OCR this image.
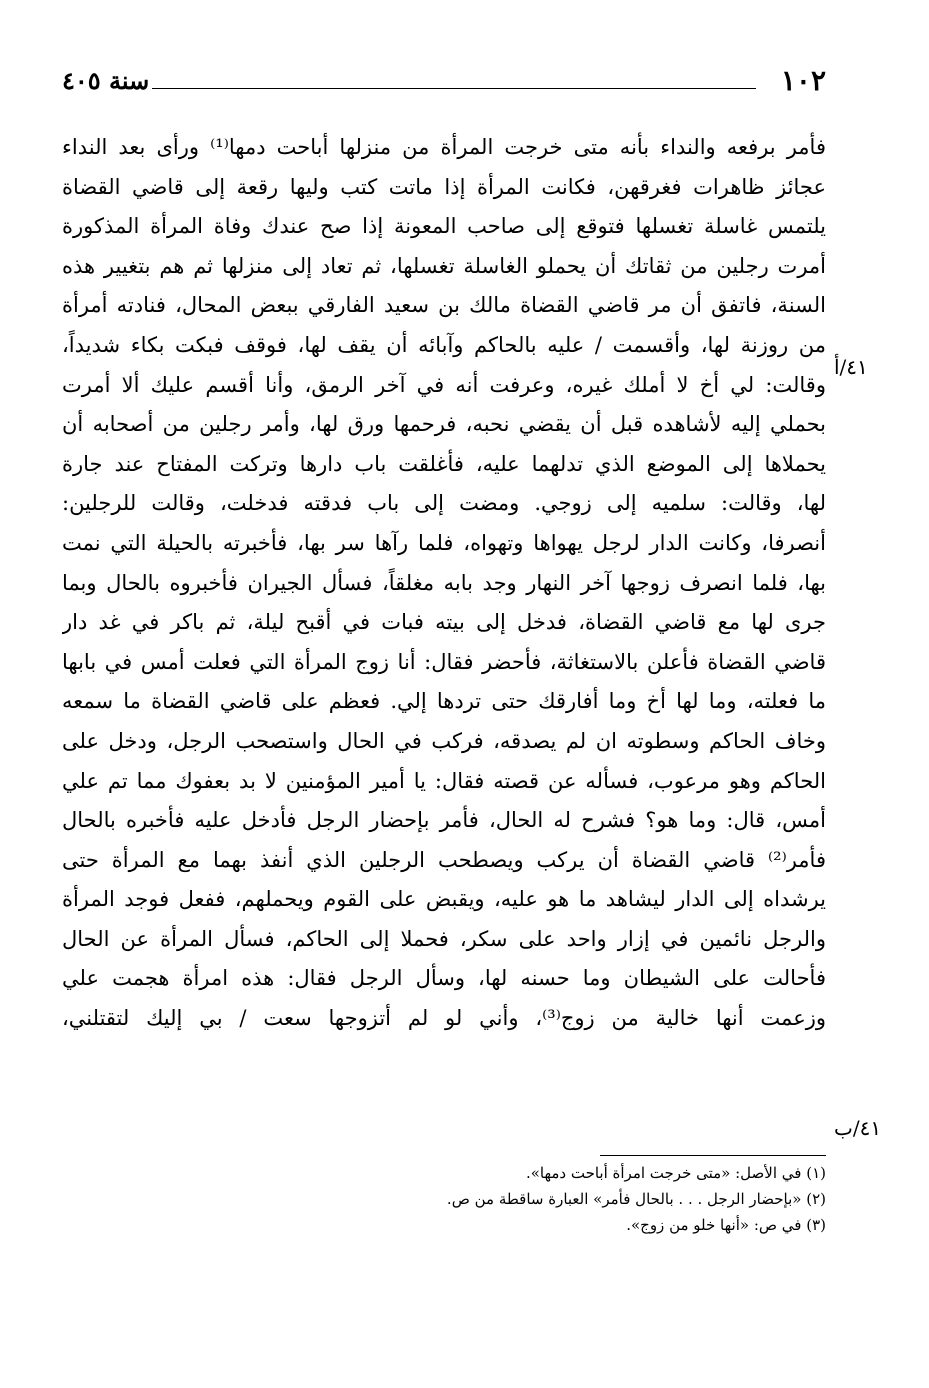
١٠٢
سنة ٤٠٥
فأمر برفعه والنداء بأنه متى خرجت المرأة من منزلها أباحت دمها⁽¹⁾ ورأى بعد النداء
عجائز ظاهرات فغرقهن، فكانت المرأة إذا ماتت كتب وليها رقعة إلى قاضي القضاة
يلتمس غاسلة تغسلها فتوقع إلى صاحب المعونة إذا صح عندك وفاة المرأة المذكورة
أمرت رجلين من ثقاتك أن يحملو الغاسلة تغسلها، ثم تعاد إلى منزلها ثم هم بتغيير هذه
السنة، فاتفق أن مر قاضي القضاة مالك بن سعيد الفارقي ببعض المحال، فنادته أمرأة
من روزنة لها، وأقسمت / عليه بالحاكم وآبائه أن يقف لها، فوقف فبكت بكاء شديداً،
وقالت: لي أخ لا أملك غيره، وعرفت أنه في آخر الرمق، وأنا أقسم عليك ألا أمرت
بحملي إليه لأشاهده قبل أن يقضي نحبه، فرحمها ورق لها، وأمر رجلين من أصحابه أن
يحملاها إلى الموضع الذي تدلهما عليه، فأغلقت باب دارها وتركت المفتاح عند جارة
لها، وقالت: سلميه إلى زوجي. ومضت إلى باب فدقته فدخلت، وقالت للرجلين:
أنصرفا، وكانت الدار لرجل يهواها وتهواه، فلما رآها سر بها، فأخبرته بالحيلة التي نمت
بها، فلما انصرف زوجها آخر النهار وجد بابه مغلقاً، فسأل الجيران فأخبروه بالحال وبما
جرى لها مع قاضي القضاة، فدخل إلى بيته فبات في أقبح ليلة، ثم باكر في غد دار
قاضي القضاة فأعلن بالاستغاثة، فأحضر فقال: أنا زوج المرأة التي فعلت أمس في بابها
ما فعلته، وما لها أخ وما أفارقك حتى تردها إلي. فعظم على قاضي القضاة ما سمعه
وخاف الحاكم وسطوته ان لم يصدقه، فركب في الحال واستصحب الرجل، ودخل على
الحاكم وهو مرعوب، فسأله عن قصته فقال: يا أمير المؤمنين لا بد بعفوك مما تم علي
أمس، قال: وما هو؟ فشرح له الحال، فأمر بإحضار الرجل فأدخل عليه فأخبره بالحال
فأمر⁽²⁾ قاضي القضاة أن يركب ويصطحب الرجلين الذي أنفذ بهما مع المرأة حتى
يرشداه إلى الدار ليشاهد ما هو عليه، ويقبض على القوم ويحملهم، ففعل فوجد المرأة
والرجل نائمين في إزار واحد على سكر، فحملا إلى الحاكم، فسأل المرأة عن الحال
فأحالت على الشيطان وما حسنه لها، وسأل الرجل فقال: هذه امرأة هجمت علي
وزعمت أنها خالية من زوج⁽³⁾، وأني لو لم أتزوجها سعت / بي إليك لتقتلني،
٤١/أ
٤١/ب
(١) في الأصل: «متى خرجت امرأة أباحت دمها».
(٢) «بإحضار الرجل . . . بالحال فأمر» العبارة ساقطة من ص.
(٣) في ص: «أنها خلو من زوج».
